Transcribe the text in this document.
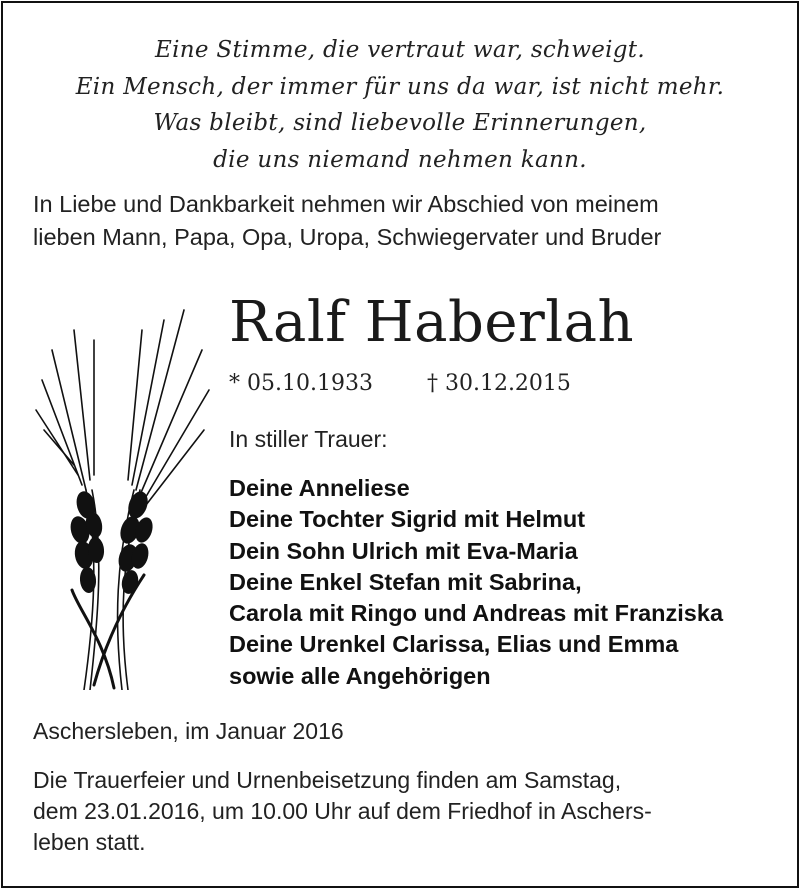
Eine Stimme, die vertraut war, schweigt.
Ein Mensch, der immer für uns da war, ist nicht mehr.
Was bleibt, sind liebevolle Erinnerungen,
die uns niemand nehmen kann.
In Liebe und Dankbarkeit nehmen wir Abschied von meinem
lieben Mann, Papa, Opa, Uropa, Schwiegervater und Bruder
Ralf Haberlah
* 05.10.1933 † 30.12.2015
In stiller Trauer:
Deine Anneliese
Deine Tochter Sigrid mit Helmut
Dein Sohn Ulrich mit Eva-Maria
Deine Enkel Stefan mit Sabrina,
Carola mit Ringo und Andreas mit Franziska
Deine Urenkel Clarissa, Elias und Emma
sowie alle Angehörigen
Aschersleben, im Januar 2016
Die Trauerfeier und Urnenbeisetzung finden am Samstag,
dem 23.01.2016, um 10.00 Uhr auf dem Friedhof in Aschers-
leben statt.
